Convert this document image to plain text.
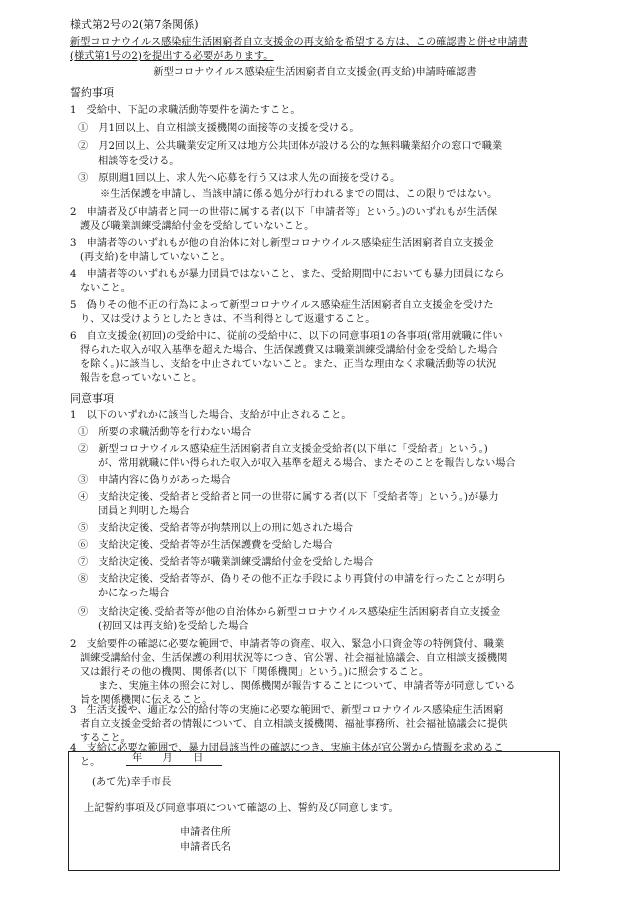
様式第2号の2(第7条関係)
新型コロナウイルス感染症生活困窮者自立支援金の再支給を希望する方は、この確認書と併せ申請書
(様式第1号の2)を提出する必要があります。
新型コロナウイルス感染症生活困窮者自立支援金(再支給)申請時確認書
誓約事項
1　受給中、下記の求職活動等要件を満たすこと。
①　月1回以上、自立相談支援機関の面接等の支援を受ける。
②　月2回以上、公共職業安定所又は地方公共団体が設ける公的な無料職業紹介の窓口で職業
相談等を受ける。
③　原則週1回以上、求人先へ応募を行う又は求人先の面接を受ける。
※生活保護を申請し、当該申請に係る処分が行われるまでの間は、この限りではない。
2　申請者及び申請者と同一の世帯に属する者(以下「申請者等」という。)のいずれもが生活保
護及び職業訓練受講給付金を受給していないこと。
3　申請者等のいずれもが他の自治体に対し新型コロナウイルス感染症生活困窮者自立支援金
(再支給)を申請していないこと。
4　申請者等のいずれもが暴力団員ではないこと、また、受給期間中においても暴力団員になら
ないこと。
5　偽りその他不正の行為によって新型コロナウイルス感染症生活困窮者自立支援金を受けた
り、又は受けようとしたときは、不当利得として返還すること。
6　自立支援金(初回)の受給中に、従前の受給中に、以下の同意事項1の各事項(常用就職に伴い
得られた収入が収入基準を超えた場合、生活保護費又は職業訓練受講給付金を受給した場合
を除く。)に該当し、支給を中止されていないこと。また、正当な理由なく求職活動等の状況
報告を怠っていないこと。
同意事項
1　以下のいずれかに該当した場合、支給が中止されること。
①　所要の求職活動等を行わない場合
②　新型コロナウイルス感染症生活困窮者自立支援金受給者(以下単に「受給者」という。)
が、常用就職に伴い得られた収入が収入基準を超える場合、またそのことを報告しない場合
③　申請内容に偽りがあった場合
④　支給決定後、受給者と受給者と同一の世帯に属する者(以下「受給者等」という。)が暴力
団員と判明した場合
⑤　支給決定後、受給者等が拘禁刑以上の刑に処された場合
⑥　支給決定後、受給者等が生活保護費を受給した場合
⑦　支給決定後、受給者等が職業訓練受講給付金を受給した場合
⑧　支給決定後、受給者等が、偽りその他不正な手段により再貸付の申請を行ったことが明ら
かになった場合
⑨　支給決定後､受給者等が他の自治体から新型コロナウイルス感染症生活困窮者自立支援金
(初回又は再支給)を受給した場合
2　支給要件の確認に必要な範囲で、申請者等の資産、収入、緊急小口資金等の特例貸付、職業
訓練受講給付金、生活保護の利用状況等につき、官公署、社会福祉協議会、自立相談支援機関
又は銀行その他の機関、関係者(以下「関係機関」という。)に照会すること。
また、実施主体の照会に対し、関係機関が報告することについて、申請者等が同意している
旨を関係機関に伝えること。
3　生活支援や、適正な公的給付等の実施に必要な範囲で、新型コロナウイルス感染症生活困窮
者自立支援金受給者の情報について、自立相談支援機関、福祉事務所、社会福祉協議会に提供
すること。
4　支給に必要な範囲で、暴力団員該当性の確認につき、実施主体が官公署から情報を求めるこ
と。	年　　月　　日
(あて先)幸手市長
上記誓約事項及び同意事項について確認の上、誓約及び同意します。
申請者住所
申請者氏名
